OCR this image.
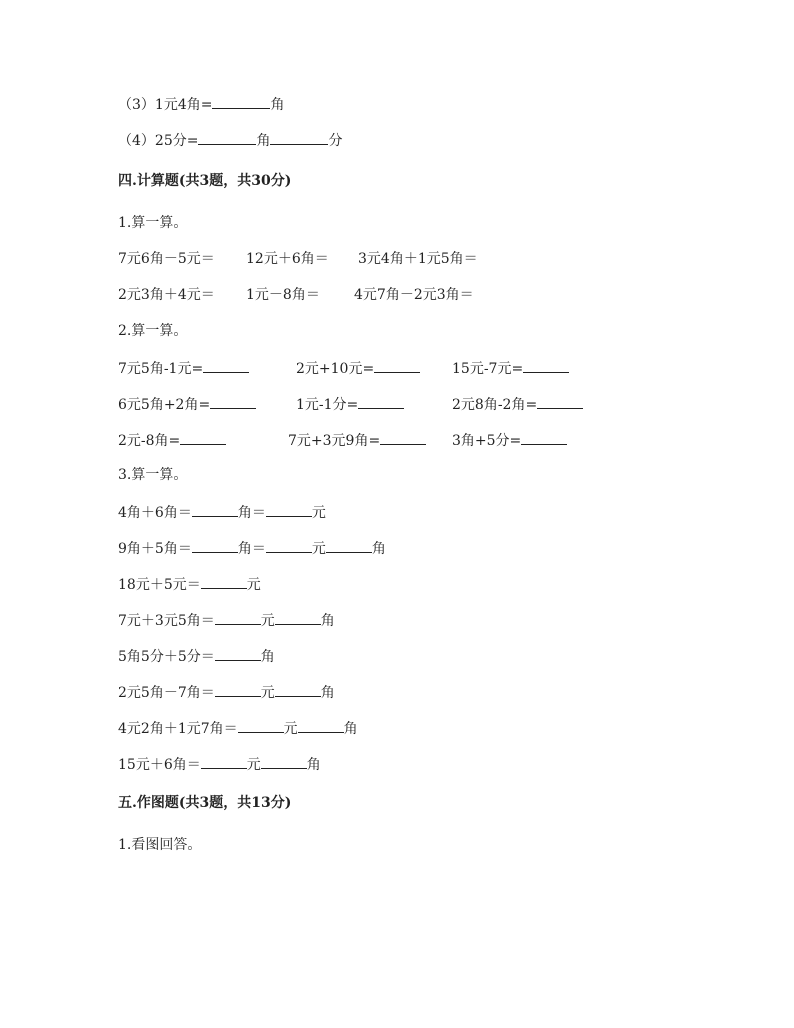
（3）1元4角=	角
（4）25分=	角	分
四.计算题(共3题，共30分)
1.算一算。
7元6角－5元＝ 12元＋6角＝ 3元4角＋1元5角＝
2元3角＋4元＝ 1元－8角＝ 4元7角－2元3角＝
2.算一算。
7元5角-1元=	2元+10元=	15元-7元=
6元5角+2角=	1元-1分=	2元8角-2角=
2元-8角=	7元+3元9角=	3角+5分=
3.算一算。
4角＋6角＝	角＝	元
9角＋5角＝	角＝	元	角
18元＋5元＝	元
7元＋3元5角＝	元	角
5角5分＋5分＝	角
2元5角－7角＝	元	角
4元2角＋1元7角＝	元	角
15元＋6角＝	元	角
五.作图题(共3题，共13分)
1.看图回答。
